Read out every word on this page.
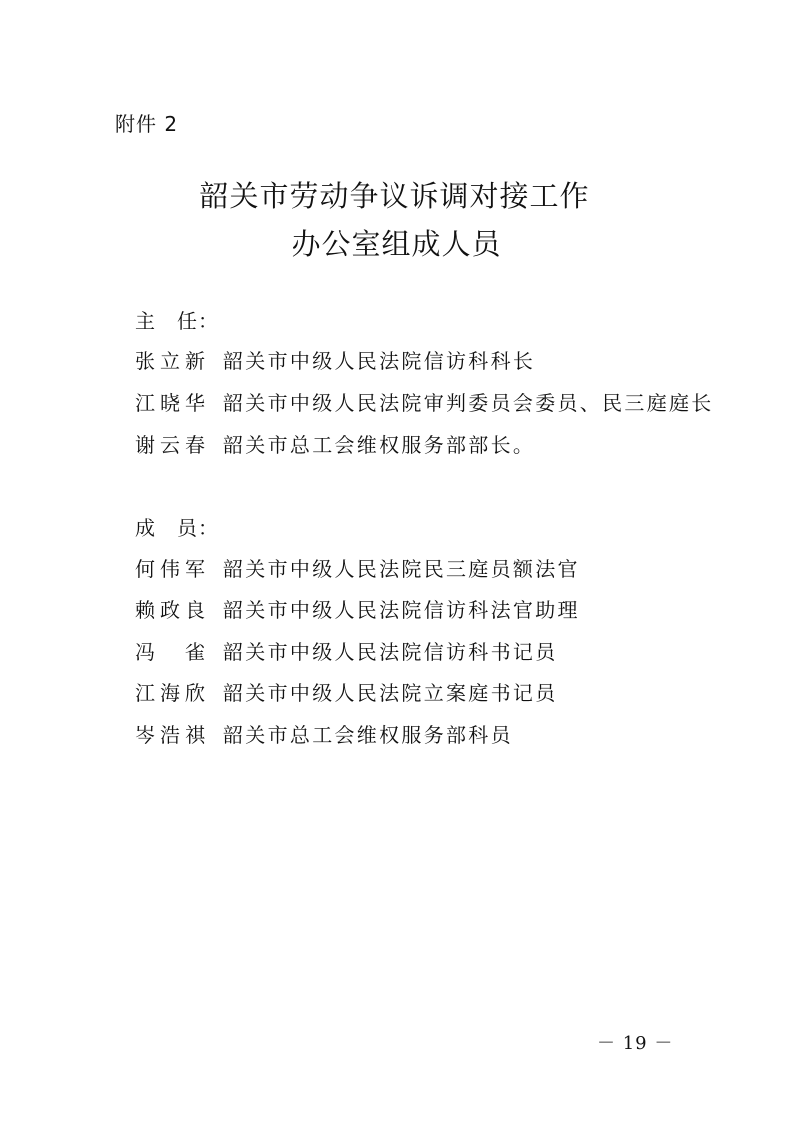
附件 2
韶关市劳动争议诉调对接工作
办公室组成人员
主　任：
张立新 韶关市中级人民法院信访科科长
江晓华 韶关市中级人民法院审判委员会委员、民三庭庭长
谢云春 韶关市总工会维权服务部部长。
成　员：
何伟军 韶关市中级人民法院民三庭员额法官
赖政良 韶关市中级人民法院信访科法官助理
冯　雀 韶关市中级人民法院信访科书记员
江海欣 韶关市中级人民法院立案庭书记员
岑浩祺 韶关市总工会维权服务部科员
－ 19 －
